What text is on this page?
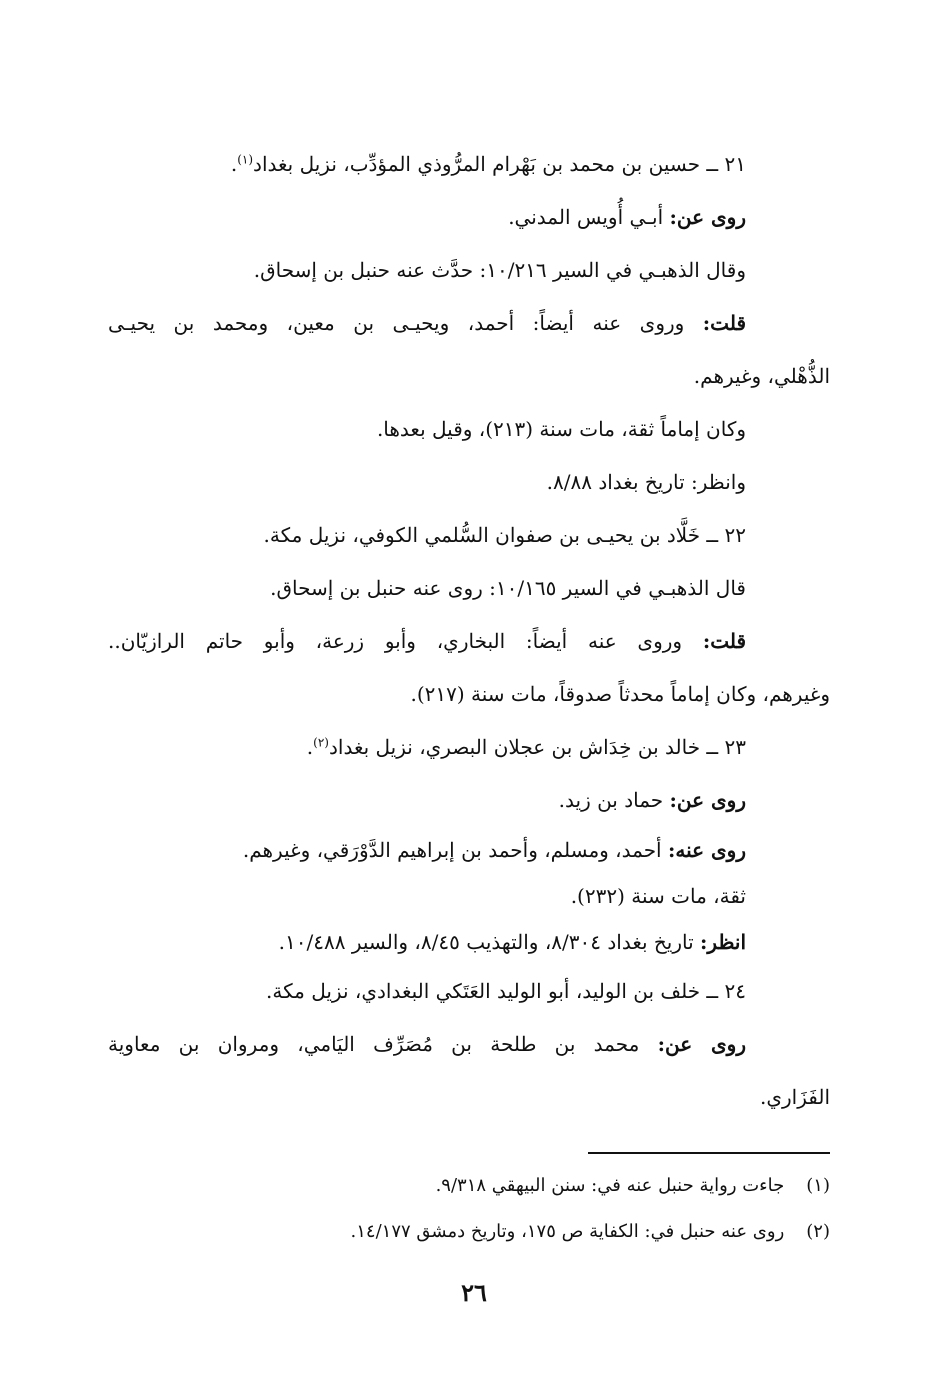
٢١ ــ حسين بن محمد بن بَهْرام المرُّوذي المؤدِّب، نزيل بغداد$^{(١)}$.
روى عن: أبـي أُويس المدني.
وقال الذهبـي في السير ١٠/٢١٦: حدَّث عنه حنبل بن إسحاق.
قلت: وروى عنه أيضاً: أحمد، ويحيـى بن معين، ومحمد بن يحيـى
الذُّهْلي، وغيرهم.
وكان إماماً ثقة، مات سنة (٢١٣)، وقيل بعدها.
وانظر: تاريخ بغداد ٨/٨٨.
٢٢ ــ خَلَّاد بن يحيـى بن صفوان السُّلمي الكوفي، نزيل مكة.
قال الذهبـي في السير ١٠/١٦٥: روى عنه حنبل بن إسحاق.
قلت: وروى عنه أيضاً: البخاري، وأبو زرعة، وأبو حاتم الرازيّان..
وغيرهم، وكان إماماً محدثاً صدوقاً، مات سنة (٢١٧).
٢٣ ــ خالد بن خِدَاش بن عجلان البصري، نزيل بغداد$^{(٢)}$.
روى عن: حماد بن زيد.
روى عنه: أحمد، ومسلم، وأحمد بن إبراهيم الدَّوْرَقي، وغيرهم.
ثقة، مات سنة (٢٣٢).
انظر: تاريخ بغداد ٨/٣٠٤، والتهذيب ٨/٤٥، والسير ١٠/٤٨٨.
٢٤ ــ خلف بن الوليد، أبو الوليد العَتَكي البغدادي، نزيل مكة.
روى عن: محمد بن طلحة بن مُصَرِّف اليَامي، ومروان بن معاوية
الفَزَاري.
(١) جاءت رواية حنبل عنه في: سنن البيهقي ٩/٣١٨.
(٢) روى عنه حنبل في: الكفاية ص ١٧٥، وتاريخ دمشق ١٤/١٧٧.
٢٦
